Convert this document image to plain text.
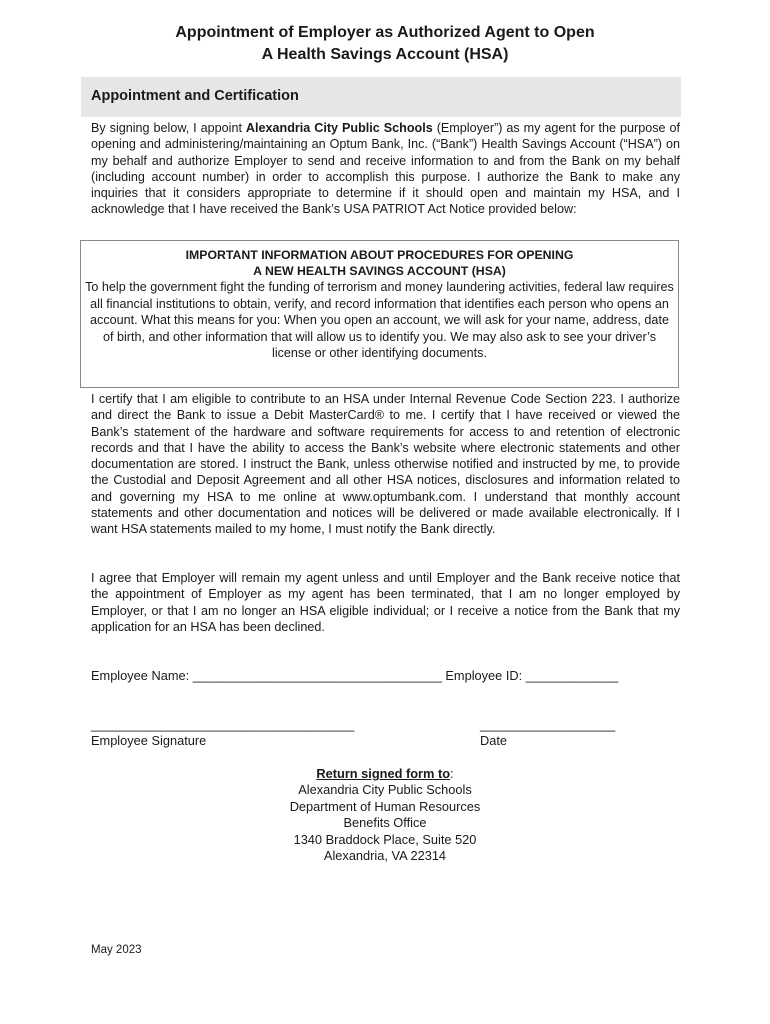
Appointment of Employer as Authorized Agent to Open
A Health Savings Account (HSA)
Appointment and Certification
By signing below, I appoint Alexandria City Public Schools (Employer”) as my agent for the purpose of opening and administering/maintaining an Optum Bank, Inc. (“Bank”) Health Savings Account (“HSA”) on my behalf and authorize Employer to send and receive information to and from the Bank on my behalf (including account number) in order to accomplish this purpose. I authorize the Bank to make any inquiries that it considers appropriate to determine if it should open and maintain my HSA, and I acknowledge that I have received the Bank’s USA PATRIOT Act Notice provided below:
IMPORTANT INFORMATION ABOUT PROCEDURES FOR OPENING
A NEW HEALTH SAVINGS ACCOUNT (HSA)
To help the government fight the funding of terrorism and money laundering activities, federal law requires all financial institutions to obtain, verify, and record information that identifies each person who opens an account. What this means for you: When you open an account, we will ask for your name, address, date of birth, and other information that will allow us to identify you. We may also ask to see your driver’s license or other identifying documents.
I certify that I am eligible to contribute to an HSA under Internal Revenue Code Section 223. I authorize and direct the Bank to issue a Debit MasterCard® to me. I certify that I have received or viewed the Bank’s statement of the hardware and software requirements for access to and retention of electronic records and that I have the ability to access the Bank’s website where electronic statements and other documentation are stored. I instruct the Bank, unless otherwise notified and instructed by me, to provide the Custodial and Deposit Agreement and all other HSA notices, disclosures and information related to and governing my HSA to me online at www.optumbank.com. I understand that monthly account statements and other documentation and notices will be delivered or made available electronically. If I want HSA statements mailed to my home, I must notify the Bank directly.
I agree that Employer will remain my agent unless and until Employer and the Bank receive notice that the appointment of Employer as my agent has been terminated, that I am no longer employed by Employer, or that I am no longer an HSA eligible individual; or I receive a notice from the Bank that my application for an HSA has been declined.
Employee Name: ___________________________________ Employee ID: _____________
_____________________________________
Employee Signature
___________________
Date
Return signed form to:
Alexandria City Public Schools
Department of Human Resources
Benefits Office
1340 Braddock Place, Suite 520
Alexandria, VA 22314
May 2023
